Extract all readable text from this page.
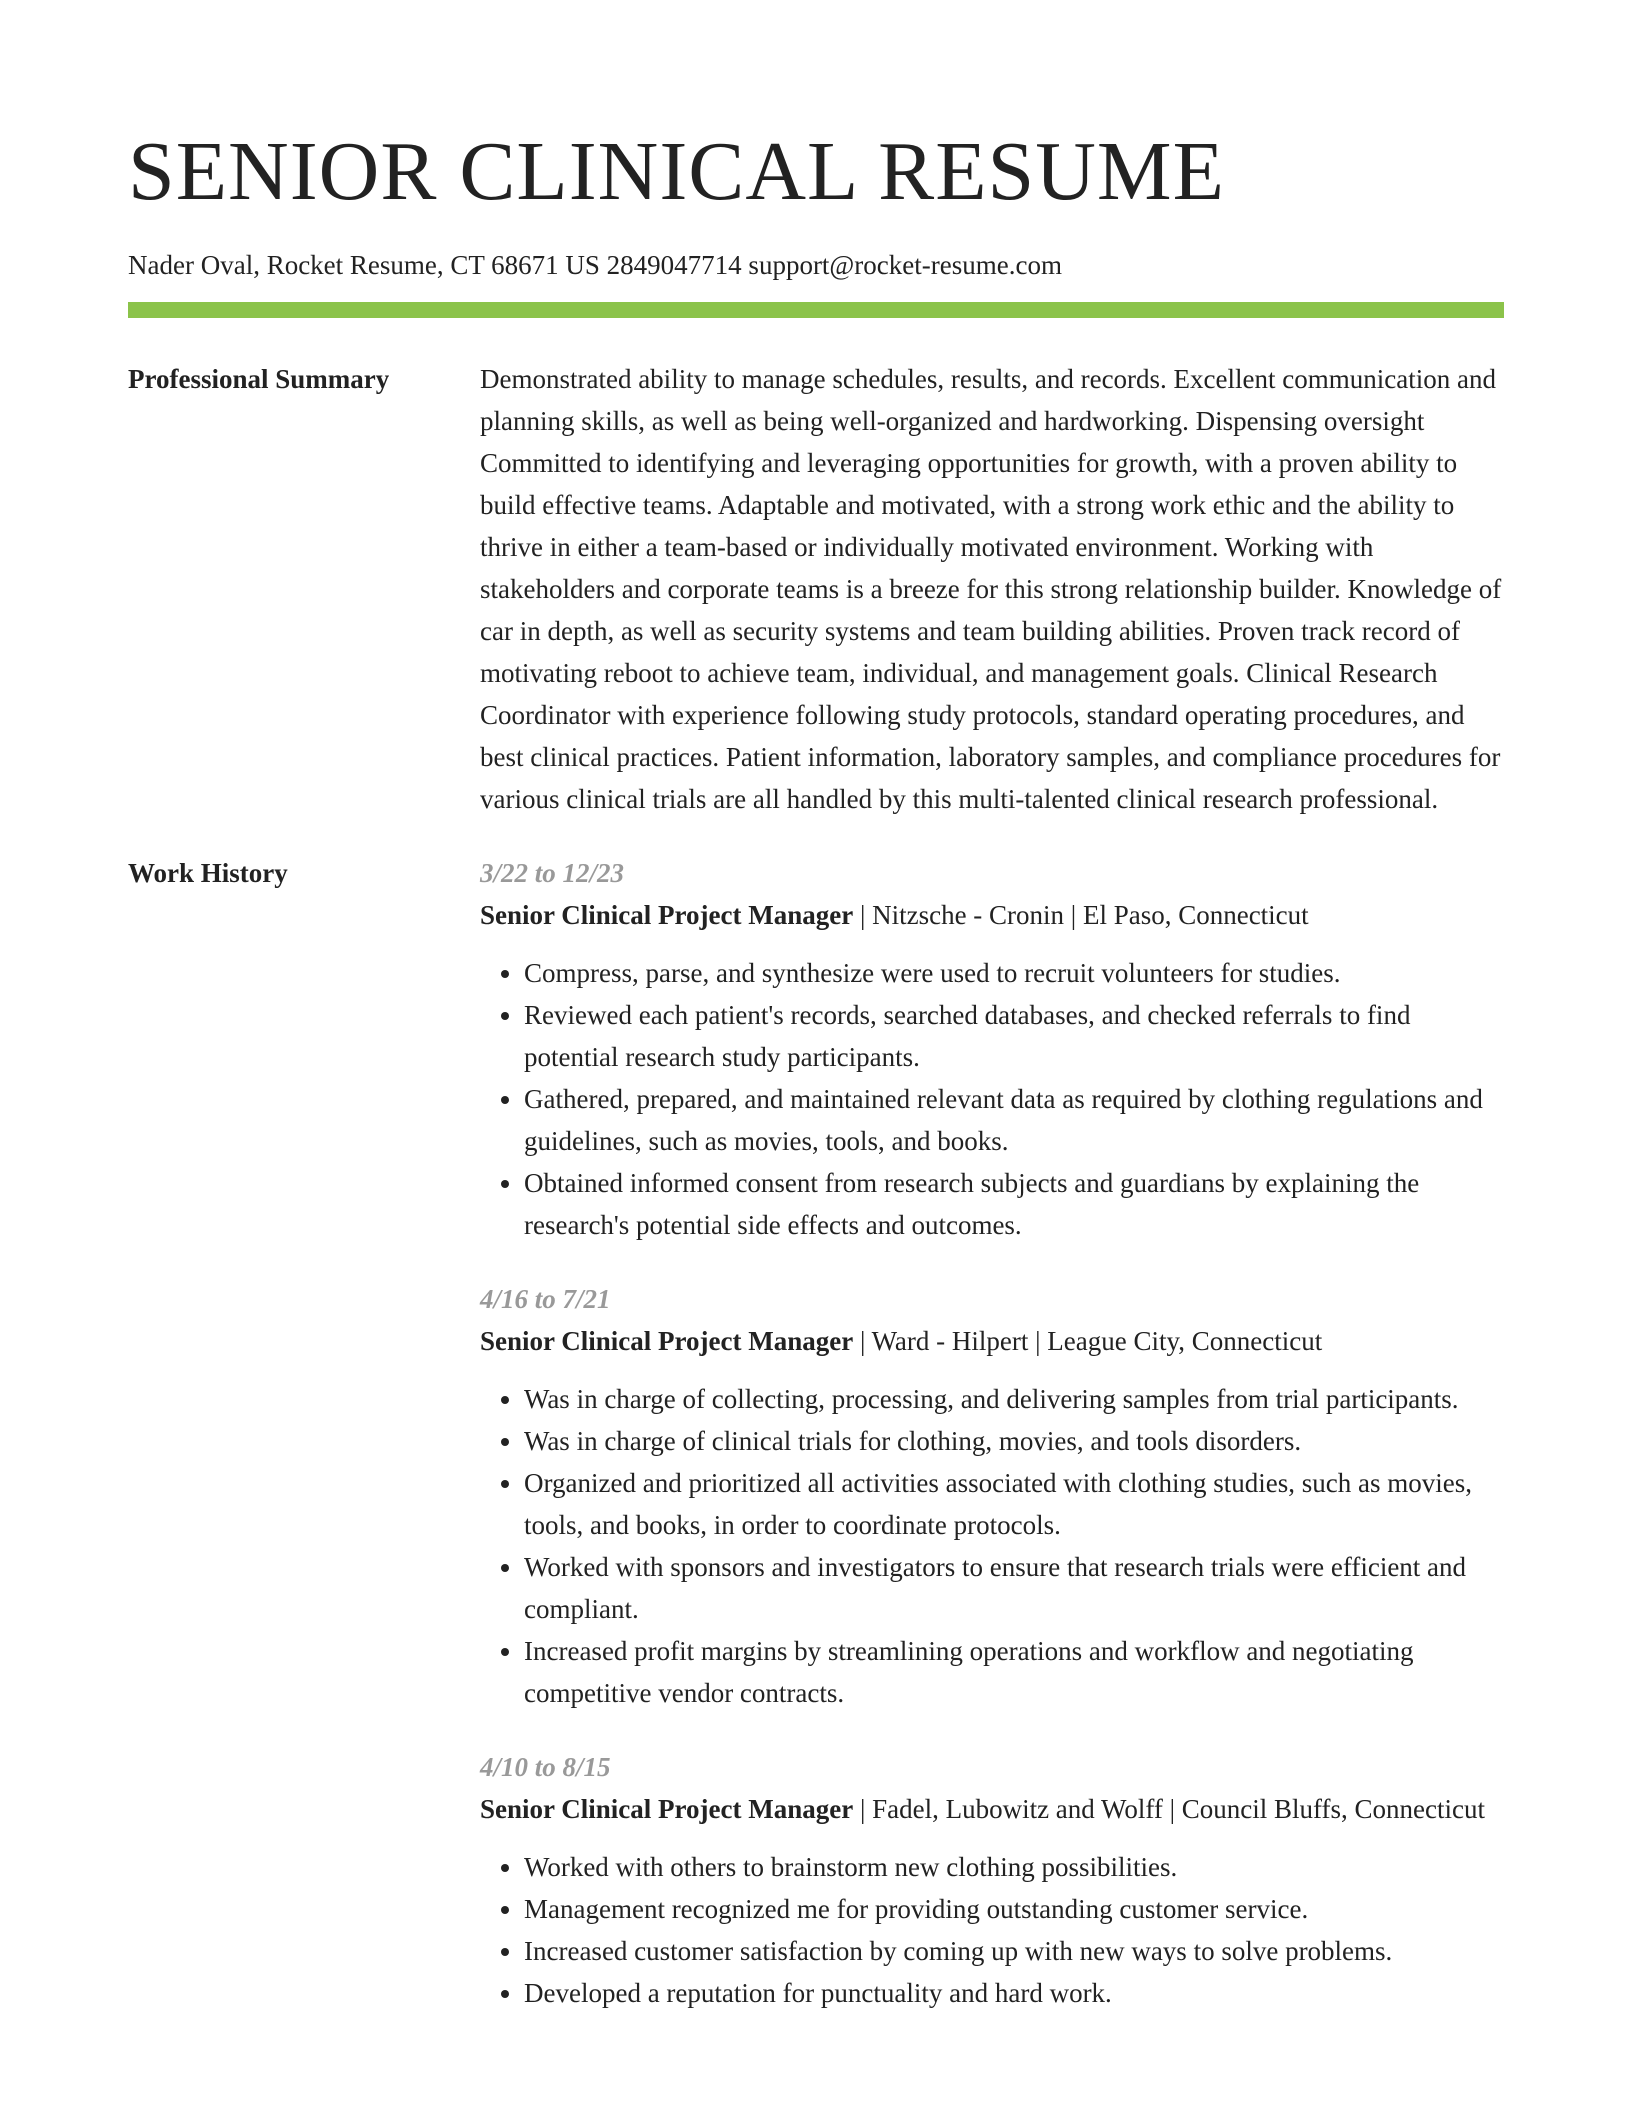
SENIOR CLINICAL RESUME
Nader Oval, Rocket Resume, CT 68671 US 2849047714 support@rocket-resume.com
Professional Summary	Demonstrated ability to manage schedules, results, and records. Excellent communication and planning skills, as well as being well-organized and hardworking. Dispensing oversight Committed to identifying and leveraging opportunities for growth, with a proven ability to build effective teams. Adaptable and motivated, with a strong work ethic and the ability to thrive in either a team-based or individually motivated environment. Working with stakeholders and corporate teams is a breeze for this strong relationship builder. Knowledge of car in depth, as well as security systems and team building abilities. Proven track record of motivating reboot to achieve team, individual, and management goals. Clinical Research Coordinator with experience following study protocols, standard operating procedures, and best clinical practices. Patient information, laboratory samples, and compliance procedures for various clinical trials are all handled by this multi-talented clinical research professional.

Work History	3/22 to 12/23
Senior Clinical Project Manager | Nitzsche - Cronin | El Paso, Connecticut
• Compress, parse, and synthesize were used to recruit volunteers for studies.
• Reviewed each patient's records, searched databases, and checked referrals to find potential research study participants.
• Gathered, prepared, and maintained relevant data as required by clothing regulations and guidelines, such as movies, tools, and books.
• Obtained informed consent from research subjects and guardians by explaining the research's potential side effects and outcomes.
4/16 to 7/21
Senior Clinical Project Manager | Ward - Hilpert | League City, Connecticut
• Was in charge of collecting, processing, and delivering samples from trial participants.
• Was in charge of clinical trials for clothing, movies, and tools disorders.
• Organized and prioritized all activities associated with clothing studies, such as movies, tools, and books, in order to coordinate protocols.
• Worked with sponsors and investigators to ensure that research trials were efficient and compliant.
• Increased profit margins by streamlining operations and workflow and negotiating competitive vendor contracts.
4/10 to 8/15
Senior Clinical Project Manager | Fadel, Lubowitz and Wolff | Council Bluffs, Connecticut
• Worked with others to brainstorm new clothing possibilities.
• Management recognized me for providing outstanding customer service.
• Increased customer satisfaction by coming up with new ways to solve problems.
• Developed a reputation for punctuality and hard work.
